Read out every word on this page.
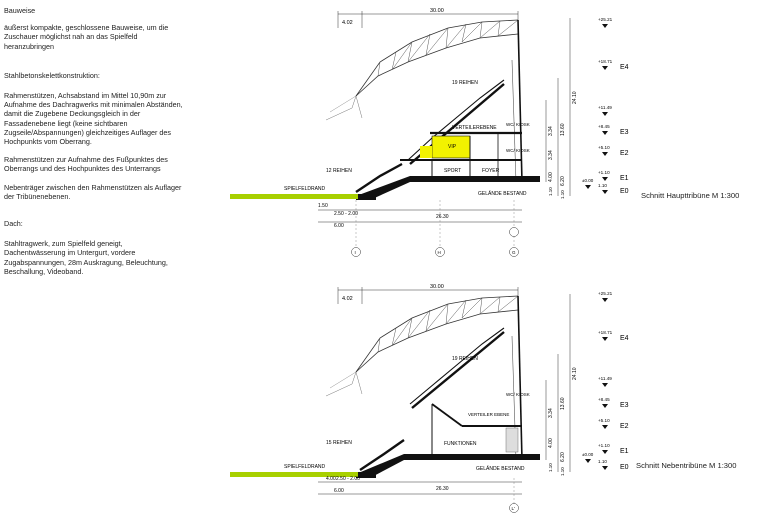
Bauweise

äußerst kompakte, geschlossene Bauweise, um die Zuschauer möglichst nah an das Spielfeld heranzubringen

Stahlbetonskelettkonstruktion:

Rahmenstützen, Achsabstand im Mittel 10,90m zur Aufnahme des Dachragwerks mit minimalen Abständen, damit die Zugebene Deckungsgleich in der Fassadenebene liegt (keine sichtbaren Zugseile/Abspannungen) gleichzeitiges Auflager des Hochpunkts vom Oberrang.

Rahmenstützen zur Aufnahme des Fußpunktes des Oberrangs und des Hochpunktes des Unterrangs

Nebenträger zwischen den Rahmenstützen als Auflager der Tribünenebenen.

Dach:

Stahltragwerk, zum Spielfeld geneigt, Dachentwässerung im Untergurt, vordere Zugabspannungen, 28m Auskragung, Beleuchtung, Beschallung, Videoband.

30.00
4.02
19 REIHEN
12 REIHEN
VERTEILEREBENE
WC/ KIOSK
WC/ KIOSK
VIP
SPORT	FOYER
SPIELFELDRAND
GELÄNDE BESTAND
1.50
2.50 - 2.00
6.00
26.30
I	H	G
3.34
3.34
4.00
13.60
6.20
24.10
1.10 1.10
±0.00
30.00
4.02
19 REIHEN
15 REIHEN
WC/ KIOSK
VERTEILER EBENE
FUNKTIONEN
SPIELFELDRAND	GELÄNDE BESTAND
4.00 2.50 - 2.00
6.00	26.30
L'
3.34
4.00
13.60
6.20
24.10
1.10 1.10
±0.00
+25.21
+18.71
E4
+11.49
+8.45
E3
+5.10
E2
+1.10
E1
1.10
E0
+25.21
+18.71
E4
+11.49
+8.45
E3
+5.10
E2
+1.10
E1
1.10
E0
Schnitt Haupttribüne M 1:300
Schnitt Nebentribüne M 1:300
